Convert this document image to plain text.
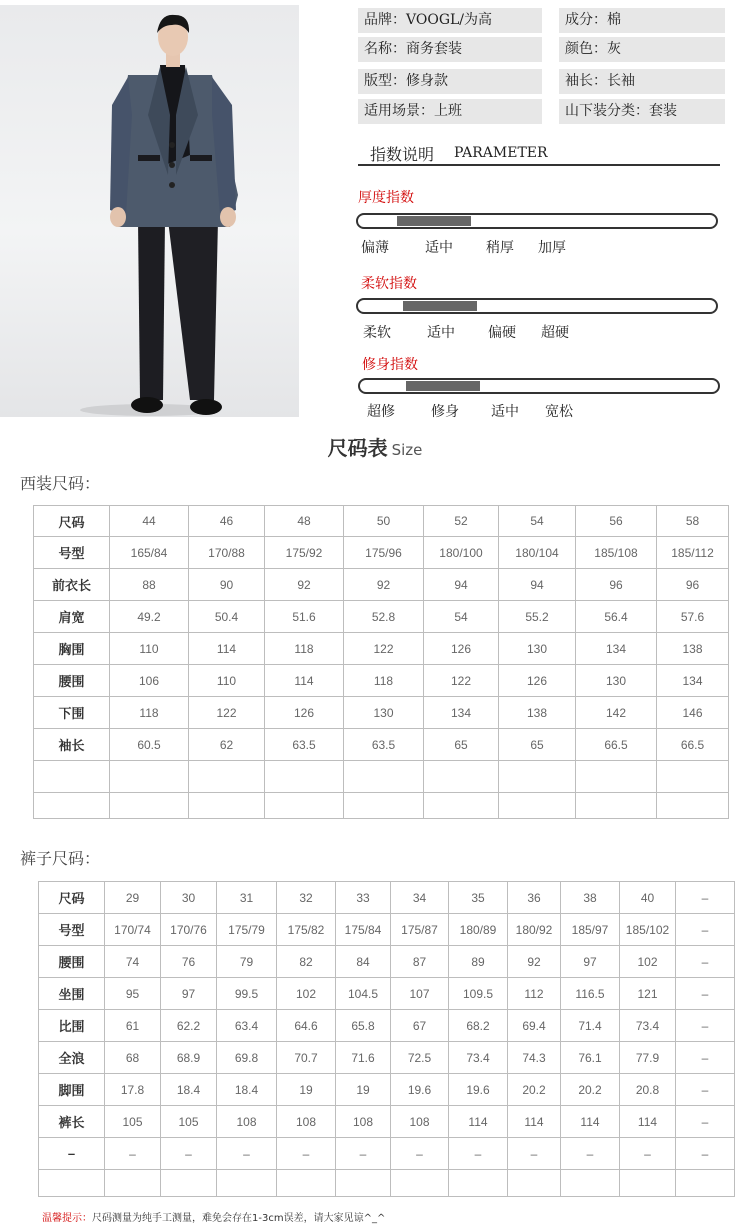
品牌：VOOGL/为高	成分：棉
名称：商务套装	颜色：灰
版型：修身款	袖长：长袖
适用场景：上班	山下装分类：套装
指数说明 PARAMETER
厚度指数
偏薄	适中 稍厚 加厚
柔软指数
柔软	适中 偏硬 超硬
修身指数
超修	修身 适中 宽松
尺码表 Size
西装尺码：
尺码	44	46	48	50	52	54	56	58
号型	165/84	170/88	175/92	175/96	180/100	180/104	185/108	185/112
前衣长	88	90	92	92	94	94	96	96
肩宽	49.2	50.4	51.6	52.8	54	55.2	56.4	57.6
胸围	110	114	118	122	126	130	134	138
腰围	106	110	114	118	122	126	130	134
下围	118	122	126	130	134	138	142	146
袖长	60.5	62	63.5	63.5	65	65	66.5	66.5

裤子尺码：
尺码	29	30	31	32	33	34	35	36	38	40	–
号型	170/74	170/76	175/79	175/82	175/84	175/87	180/89	180/92	185/97	185/102	–
腰围	74	76	79	82	84	87	89	92	97	102	–
坐围	95	97	99.5	102	104.5	107	109.5	112	116.5	121	–
比围	61	62.2	63.4	64.6	65.8	67	68.2	69.4	71.4	73.4	–
全浪	68	68.9	69.8	70.7	71.6	72.5	73.4	74.3	76.1	77.9	–
脚围	17.8	18.4	18.4	19	19	19.6	19.6	20.2	20.2	20.8	–
裤长	105	105	108	108	108	108	114	114	114	114	–
–	–	–	–	–	–	–	–	–	–	–	–

温馨提示：尺码测量为纯手工测量，难免会存在1-3cm误差，请大家见谅^_^
